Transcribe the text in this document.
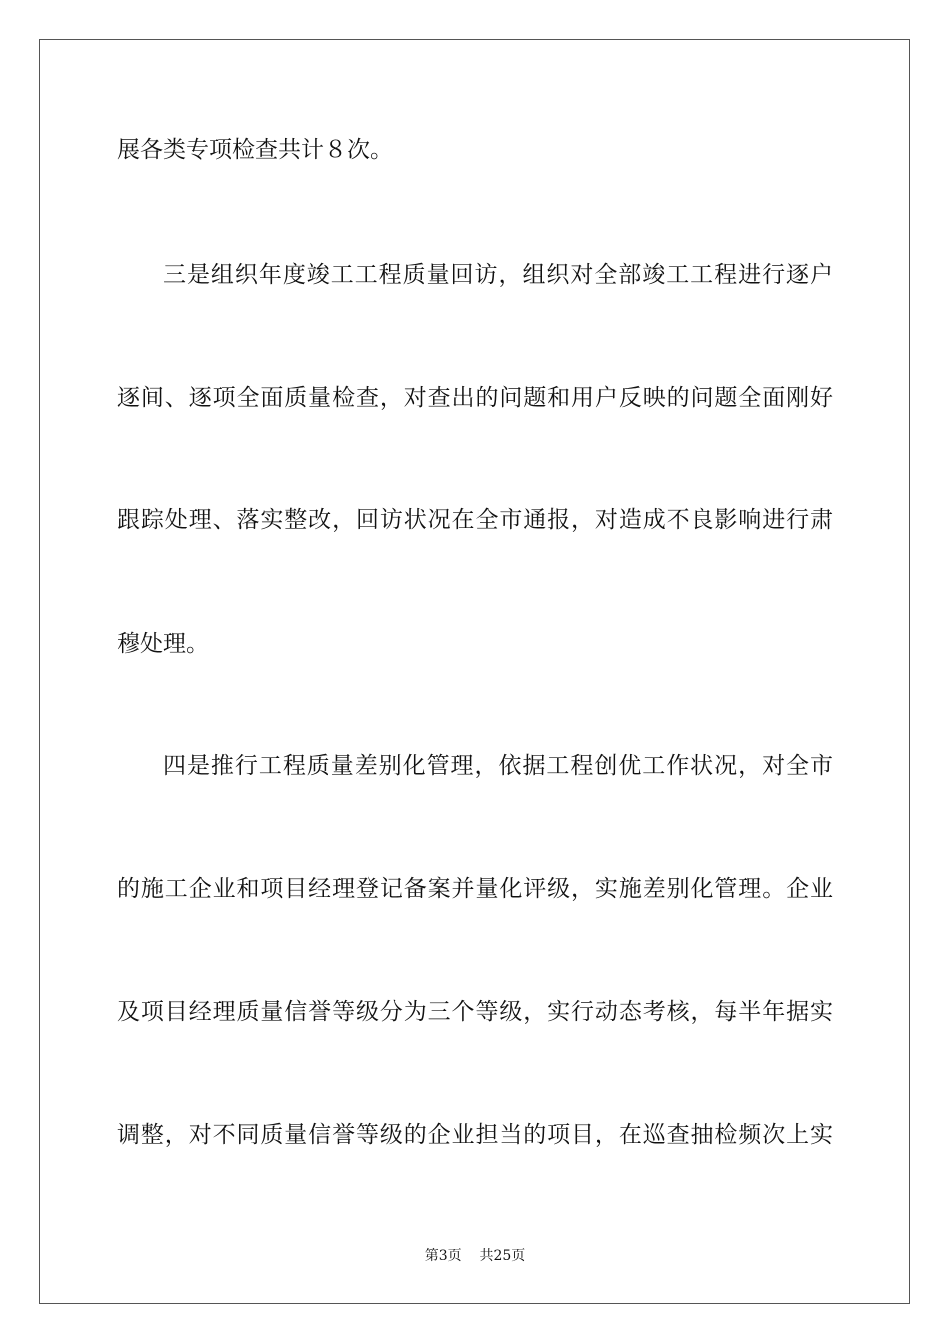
展各类专项检查共计８次。
三是组织年度竣工工程质量回访，组织对全部竣工工程进行逐户
逐间、逐项全面质量检查，对查出的问题和用户反映的问题全面刚好
跟踪处理、落实整改，回访状况在全市通报，对造成不良影响进行肃
穆处理。
四是推行工程质量差别化管理，依据工程创优工作状况，对全市
的施工企业和项目经理登记备案并量化评级，实施差别化管理。企业
及项目经理质量信誉等级分为三个等级，实行动态考核，每半年据实
调整，对不同质量信誉等级的企业担当的项目，在巡查抽检频次上实
第3页 共25页
